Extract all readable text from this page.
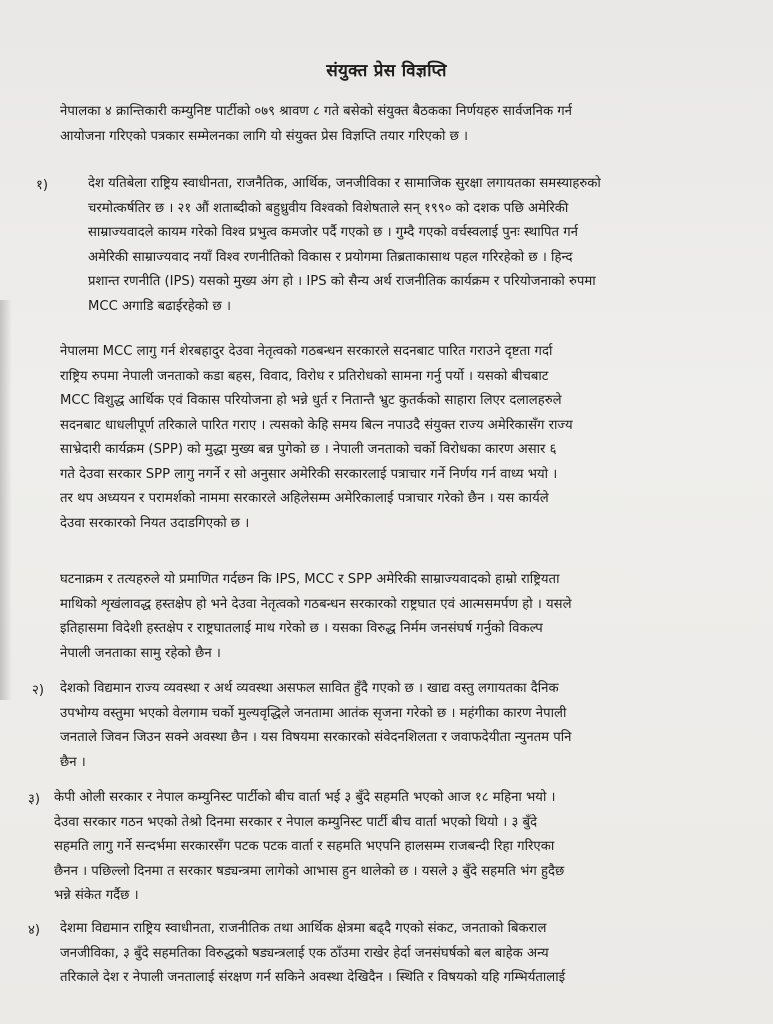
संयुक्त प्रेस विज्ञप्ति
नेपालका ४ क्रान्तिकारी कम्युनिष्ट पार्टीको ०७९ श्रावण ८ गते बसेको संयुक्त बैठकका निर्णयहरु सार्वजनिक गर्न
आयोजना गरिएको पत्रकार सम्मेलनका लागि यो संयुक्त प्रेस विज्ञप्ति तयार गरिएको छ ।
१)	देश यतिबेला राष्ट्रिय स्वाधीनता, राजनैतिक, आर्थिक, जनजीविका र सामाजिक सुरक्षा लगायतका समस्याहरुको
चरमोत्कर्षतिर छ । २१ औं शताब्दीको बहुध्रुवीय विश्वको विशेषताले सन् १९९० को दशक पछि अमेरिकी
साम्राज्यवादले कायम गरेको विश्व प्रभुत्व कमजोर पर्दै गएको छ । गुम्दै गएको वर्चस्वलाई पुनः स्थापित गर्न
अमेरिकी साम्राज्यवाद नयाँ विश्व रणनीतिको विकास र प्रयोगमा तिब्रताकासाथ पहल गरिरहेको छ । हिन्द
प्रशान्त रणनीति (IPS) यसको मुख्य अंग हो । IPS को सैन्य अर्थ राजनीतिक कार्यक्रम र परियोजनाको रुपमा
MCC अगाडि बढाईरहेको छ ।
नेपालमा MCC लागु गर्न शेरबहादुर देउवा नेतृत्वको गठबन्धन सरकारले सदनबाट पारित गराउने दृष्टता गर्दा
राष्ट्रिय रुपमा नेपाली जनताको कडा बहस, विवाद, विरोध र प्रतिरोधको सामना गर्नु पर्यो । यसको बीचबाट
MCC विशुद्ध आर्थिक एवं विकास परियोजना हो भन्ने धुर्त र नितान्तै भ्रुट कुतर्कको साहारा लिएर दलालहरुले
सदनबाट धाधलीपूर्ण तरिकाले पारित गराए । त्यसको केहि समय बित्न नपाउदै संयुक्त राज्य अमेरिकासँग राज्य
साभ्रेदारी कार्यक्रम (SPP) को मुद्धा मुख्य बन्न पुगेको छ । नेपाली जनताको चर्को विरोधका कारण असार ६
गते देउवा सरकार SPP लागु नगर्ने र सो अनुसार अमेरिकी सरकारलाई पत्राचार गर्ने निर्णय गर्न वाध्य भयो ।
तर थप अध्ययन र परामर्शको नाममा सरकारले अहिलेसम्म अमेरिकालाई पत्राचार गरेको छैन । यस कार्यले
देउवा सरकारको नियत उदाडगिएको छ ।
घटनाक्रम र तत्यहरुले यो प्रमाणित गर्दछन कि IPS, MCC र SPP अमेरिकी साम्राज्यवादको हाम्रो राष्ट्रियता
माथिको शृखंलावद्ध हस्तक्षेप हो भने देउवा नेतृत्वको गठबन्धन सरकारको राष्ट्रघात एवं आत्मसमर्पण हो । यसले
इतिहासमा विदेशी हस्तक्षेप र राष्ट्रघातलाई माथ गरेको छ । यसका विरुद्ध निर्मम जनसंघर्ष गर्नुको विकल्प
नेपाली जनताका सामु रहेको छैन ।
२) देशको विद्यमान राज्य व्यवस्था र अर्थ व्यवस्था असफल सावित हुँदै गएको छ । खाद्य वस्तु लगायतका दैनिक
उपभोग्य वस्तुमा भएको वेलगाम चर्को मुल्यवृद्धिले जनतामा आतंक सृजना गरेको छ । महंगीका कारण नेपाली
जनताले जिवन जिउन सक्ने अवस्था छैन । यस विषयमा सरकारको संवेदनशिलता र जवाफदेयीता न्युनतम पनि
छैन ।
३) केपी ओली सरकार र नेपाल कम्युनिस्ट पार्टीको बीच वार्ता भई ३ बुँदे सहमति भएको आज १८ महिना भयो ।
देउवा सरकार गठन भएको तेश्रो दिनमा सरकार र नेपाल कम्युनिस्ट पार्टी बीच वार्ता भएको थियो । ३ बुँदे
सहमति लागु गर्ने सन्दर्भमा सरकारसँग पटक पटक वार्ता र सहमति भएपनि हालसम्म राजबन्दी रिहा गरिएका
छैनन । पछिल्लो दिनमा त सरकार षड्यन्त्रमा लागेको आभास हुन थालेको छ । यसले ३ बुँदे सहमति भंग हुदैछ
भन्ने संकेत गर्दैछ ।
४) देशमा विद्यमान राष्ट्रिय स्वाधीनता, राजनीतिक तथा आर्थिक क्षेत्रमा बढ्दै गएको संकट, जनताको बिकराल
जनजीविका, ३ बुँदे सहमतिका विरुद्धको षड्यन्त्रलाई एक ठाँउमा राखेर हेर्दा जनसंघर्षको बल बाहेक अन्य
तरिकाले देश र नेपाली जनतालाई संरक्षण गर्न सकिने अवस्था देखिदैन । स्थिति र विषयको यहि गम्भिर्यतालाई
